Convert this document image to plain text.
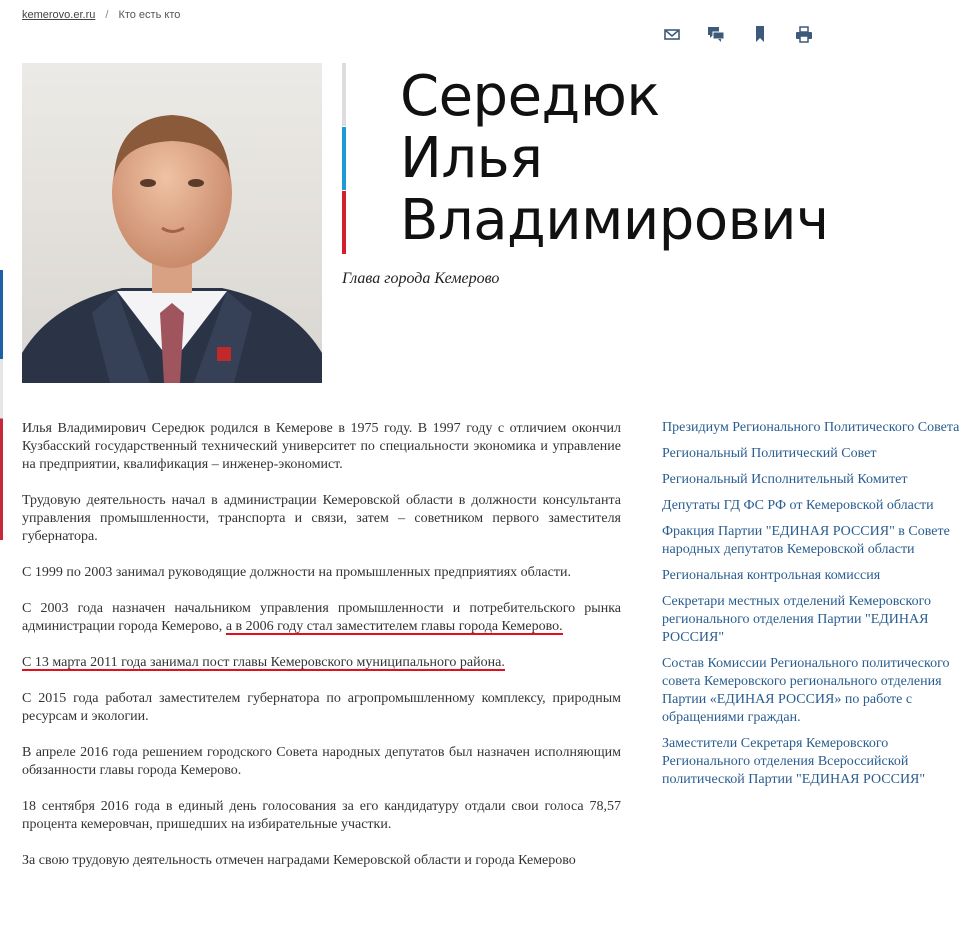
kemerovo.er.ru / Кто есть кто
Середюк
Илья
Владимирович
Глава города Кемерово

Илья Владимирович Середюк родился в Кемерове в 1975 году. В 1997 году с отличием окончил Кузбасский государственный технический университет по специальности экономика и управление на предприятии, квалификация – инженер-экономист.

Трудовую деятельность начал в администрации Кемеровской области в должности консультанта управления промышленности, транспорта и связи, затем – советником первого заместителя губернатора.

С 1999 по 2003 занимал руководящие должности на промышленных предприятиях области.

С 2003 года назначен начальником управления промышленности и потребительского рынка администрации города Кемерово, а в 2006 году стал заместителем главы города Кемерово.

С 13 марта 2011 года занимал пост главы Кемеровского муниципального района.

С 2015 года работал заместителем губернатора по агропромышленному комплексу, природным ресурсам и экологии.

В апреле 2016 года решением городского Совета народных депутатов был назначен исполняющим обязанности главы города Кемерово.

18 сентября 2016 года в единый день голосования за его кандидатуру отдали свои голоса 78,57 процента кемеровчан, пришедших на избирательные участки.

За свою трудовую деятельность отмечен наградами Кемеровской области и города Кемерово

Президиум Регионального Политического Совета
Региональный Политический Совет
Региональный Исполнительный Комитет
Депутаты ГД ФС РФ от Кемеровской области
Фракция Партии "ЕДИНАЯ РОССИЯ" в Совете народных депутатов Кемеровской области
Региональная контрольная комиссия
Секретари местных отделений Кемеровского регионального отделения Партии "ЕДИНАЯ РОССИЯ"
Состав Комиссии Регионального политического совета Кемеровского регионального отделения Партии «ЕДИНАЯ РОССИЯ» по работе с обращениями граждан.
Заместители Секретаря Кемеровского Регионального отделения Всероссийской политической Партии "ЕДИНАЯ РОССИЯ"
